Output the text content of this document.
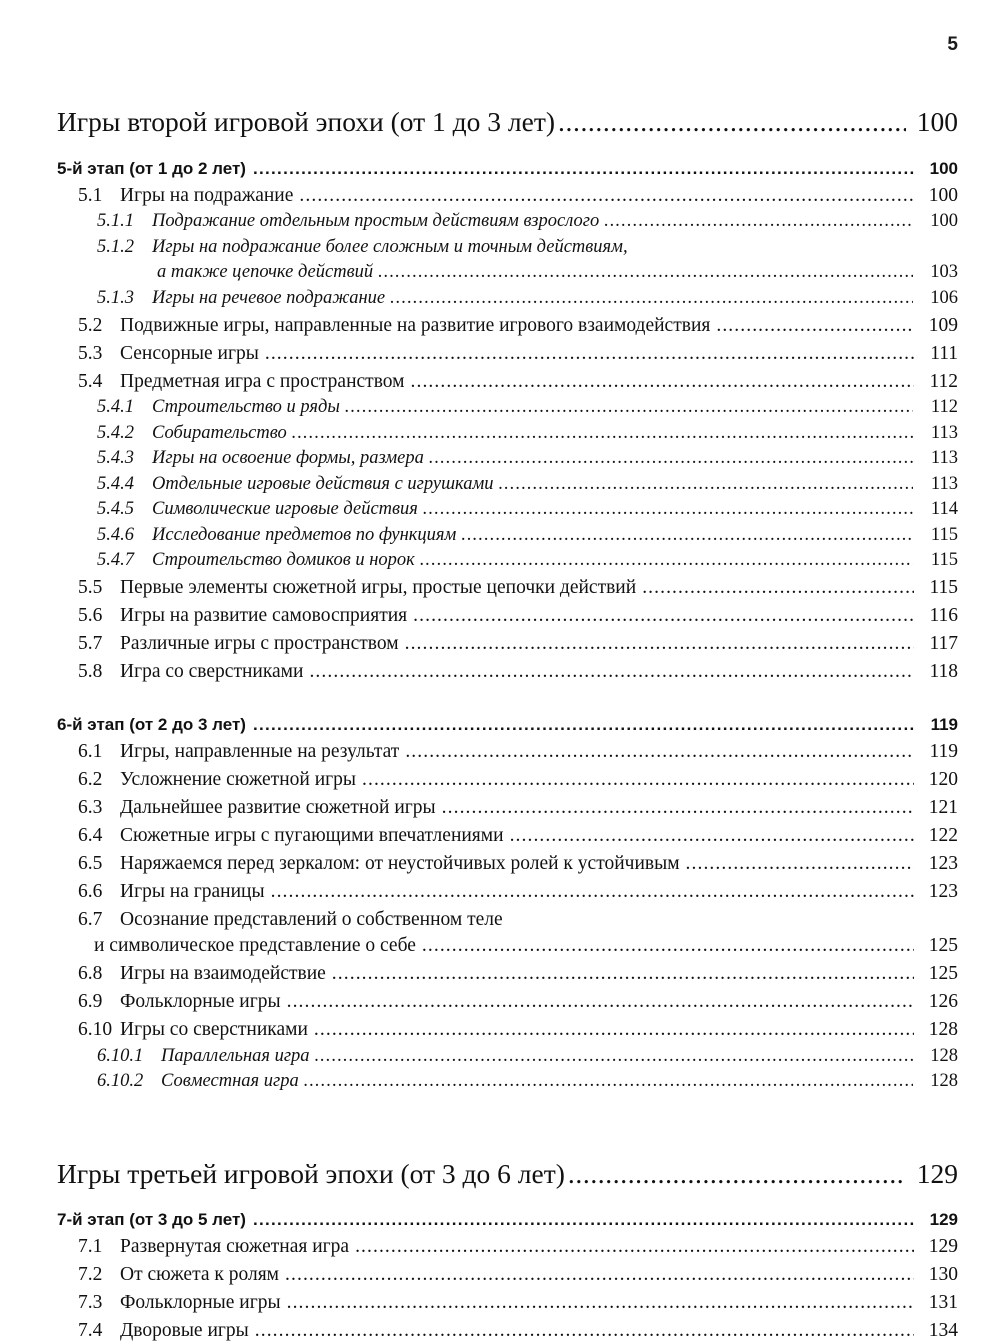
5
Игры второй игровой эпохи (от 1 до 3 лет) .....	100
5-й этап (от 1 до 2 лет) .....	100
5.1 Игры на подражание .....	100
5.1.1 Подражание отдельным простым действиям взрослого .....	100
5.1.2 Игры на подражание более сложным и точным действиям,
а также цепочке действий .....	103
5.1.3 Игры на речевое подражание .....	106
5.2 Подвижные игры, направленные на развитие игрового взаимодействия .....	109
5.3 Сенсорные игры .....	111
5.4 Предметная игра с пространством .....	112
5.4.1 Строительство и ряды .....	112
5.4.2 Собирательство .....	113
5.4.3 Игры на освоение формы, размера .....	113
5.4.4 Отдельные игровые действия с игрушками .....	113
5.4.5 Символические игровые действия .....	114
5.4.6 Исследование предметов по функциям .....	115
5.4.7 Строительство домиков и норок .....	115
5.5 Первые элементы сюжетной игры, простые цепочки действий .....	115
5.6 Игры на развитие самовосприятия .....	116
5.7 Различные игры с пространством .....	117
5.8 Игра со сверстниками .....	118
6-й этап (от 2 до 3 лет) .....	119
6.1 Игры, направленные на результат .....	119
6.2 Усложнение сюжетной игры .....	120
6.3 Дальнейшее развитие сюжетной игры .....	121
6.4 Сюжетные игры с пугающими впечатлениями .....	122
6.5 Наряжаемся перед зеркалом: от неустойчивых ролей к устойчивым .....	123
6.6 Игры на границы .....	123
6.7 Осознание представлений о собственном теле
и символическое представление о себе .....	125
6.8 Игры на взаимодействие .....	125
6.9 Фольклорные игры .....	126
6.10 Игры со сверстниками .....	128
6.10.1 Параллельная игра .....	128
6.10.2 Совместная игра .....	128
Игры третьей игровой эпохи (от 3 до 6 лет) .....	129
7-й этап (от 3 до 5 лет) .....	129
7.1 Развернутая сюжетная игра .....	129
7.2 От сюжета к ролям .....	130
7.3 Фольклорные игры .....	131
7.4 Дворовые игры .....	134
